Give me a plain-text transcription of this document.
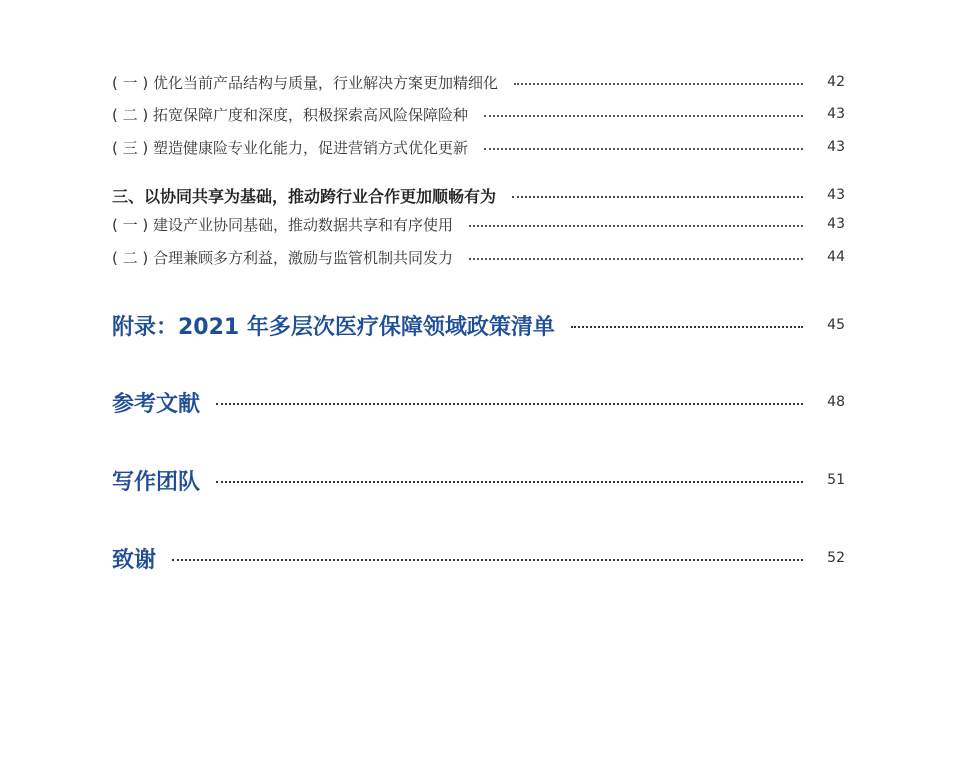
( 一 ) 优化当前产品结构与质量，行业解决方案更加精细化	42
( 二 ) 拓宽保障广度和深度，积极探索高风险保障险种	43
( 三 ) 塑造健康险专业化能力，促进营销方式优化更新	43
三、以协同共享为基础，推动跨行业合作更加顺畅有为	43
( 一 ) 建设产业协同基础，推动数据共享和有序使用	43
( 二 ) 合理兼顾多方利益，激励与监管机制共同发力	44
附录：2021 年多层次医疗保障领域政策清单	45
参考文献	48
写作团队	51
致谢	52
